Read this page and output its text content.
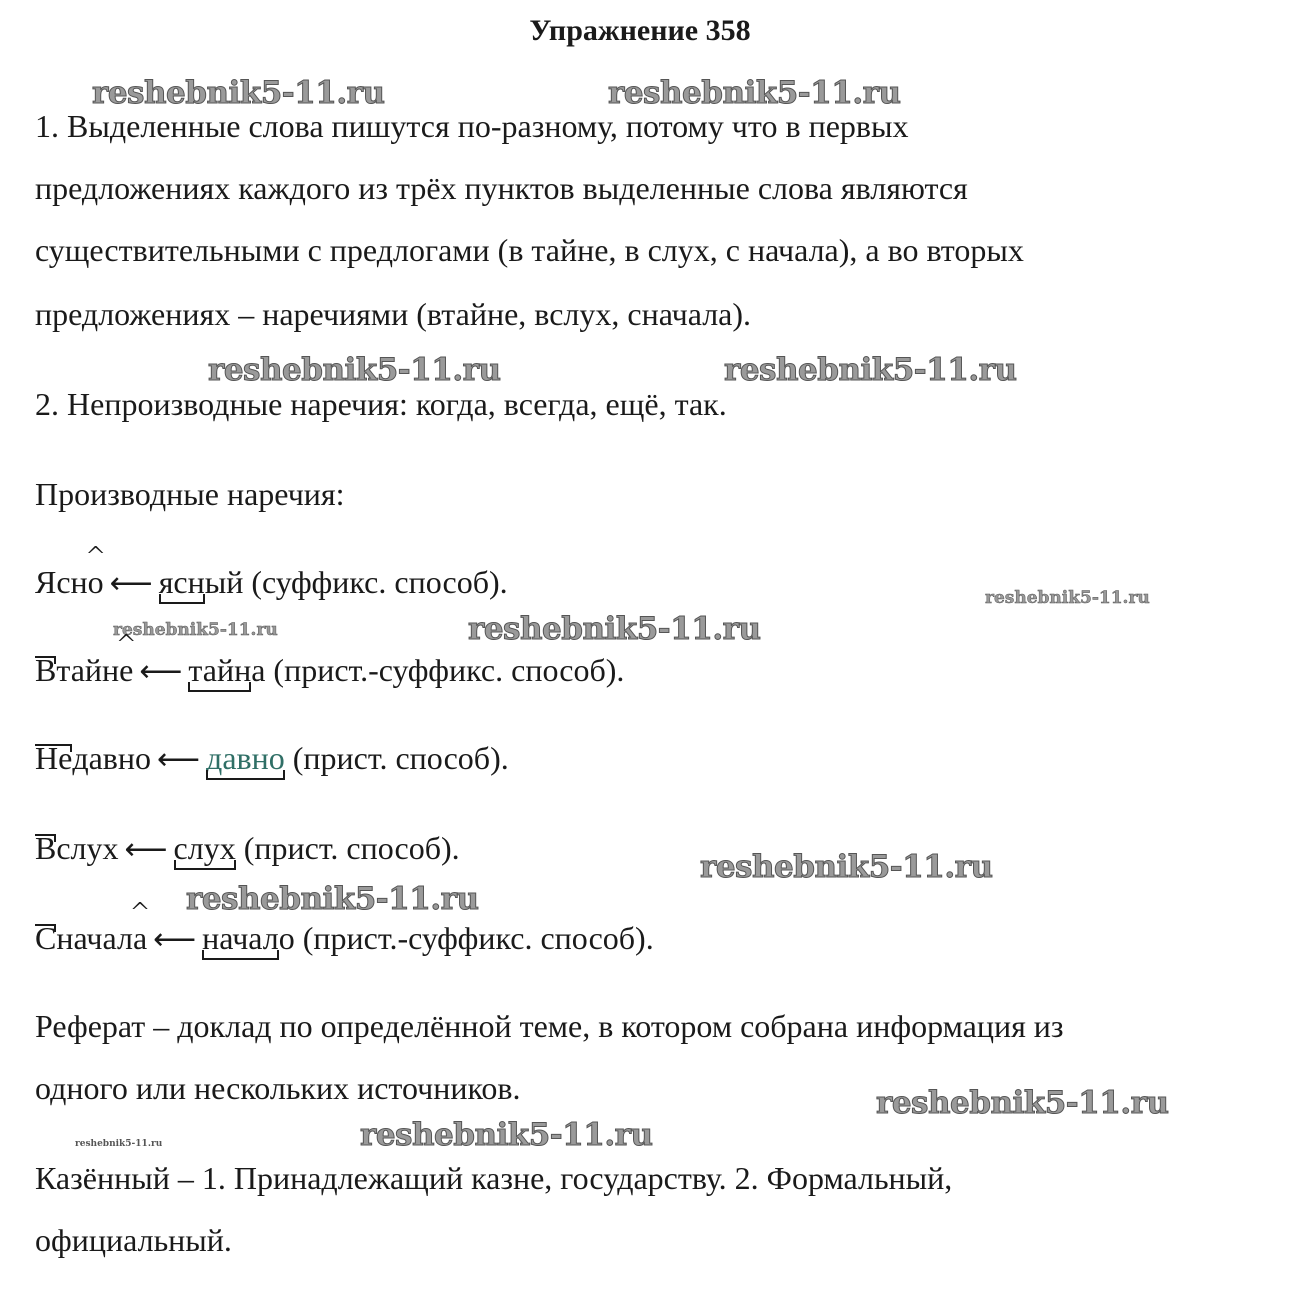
Упражнение 358
reshebnik5-11.ru	reshebnik5-11.ru
reshebnik5-11.ru	reshebnik5-11.ru
reshebnik5-11.ru
reshebnik5-11.ru	reshebnik5-11.ru
reshebnik5-11.ru
reshebnik5-11.ru
reshebnik5-11.ru
reshebnik5-11.ru	reshebnik5-11.ru
1. Выделенные слова пишутся по-разному, потому что в первых
предложениях каждого из трёх пунктов выделенные слова являются
существительными с предлогами (в тайне, в слух, с начала), а во вторых
предложениях – наречиями (втайне, вслух, сначала).
2. Непроизводные наречия: когда, всегда, ещё, так.
Производные наречия:
Ясн^ о ⟵ ясный (суффикс. способ).
Втайн^ е ⟵ тайна (прист.-суффикс. способ).
Недавно ⟵ давно (прист. способ).
Вслух ⟵ слух (прист. способ).
Сначал^ а ⟵ начало (прист.-суффикс. способ).
Реферат – доклад по определённой теме, в котором собрана информация из
одного или нескольких источников.
Казённый – 1. Принадлежащий казне, государству. 2. Формальный,
официальный.
